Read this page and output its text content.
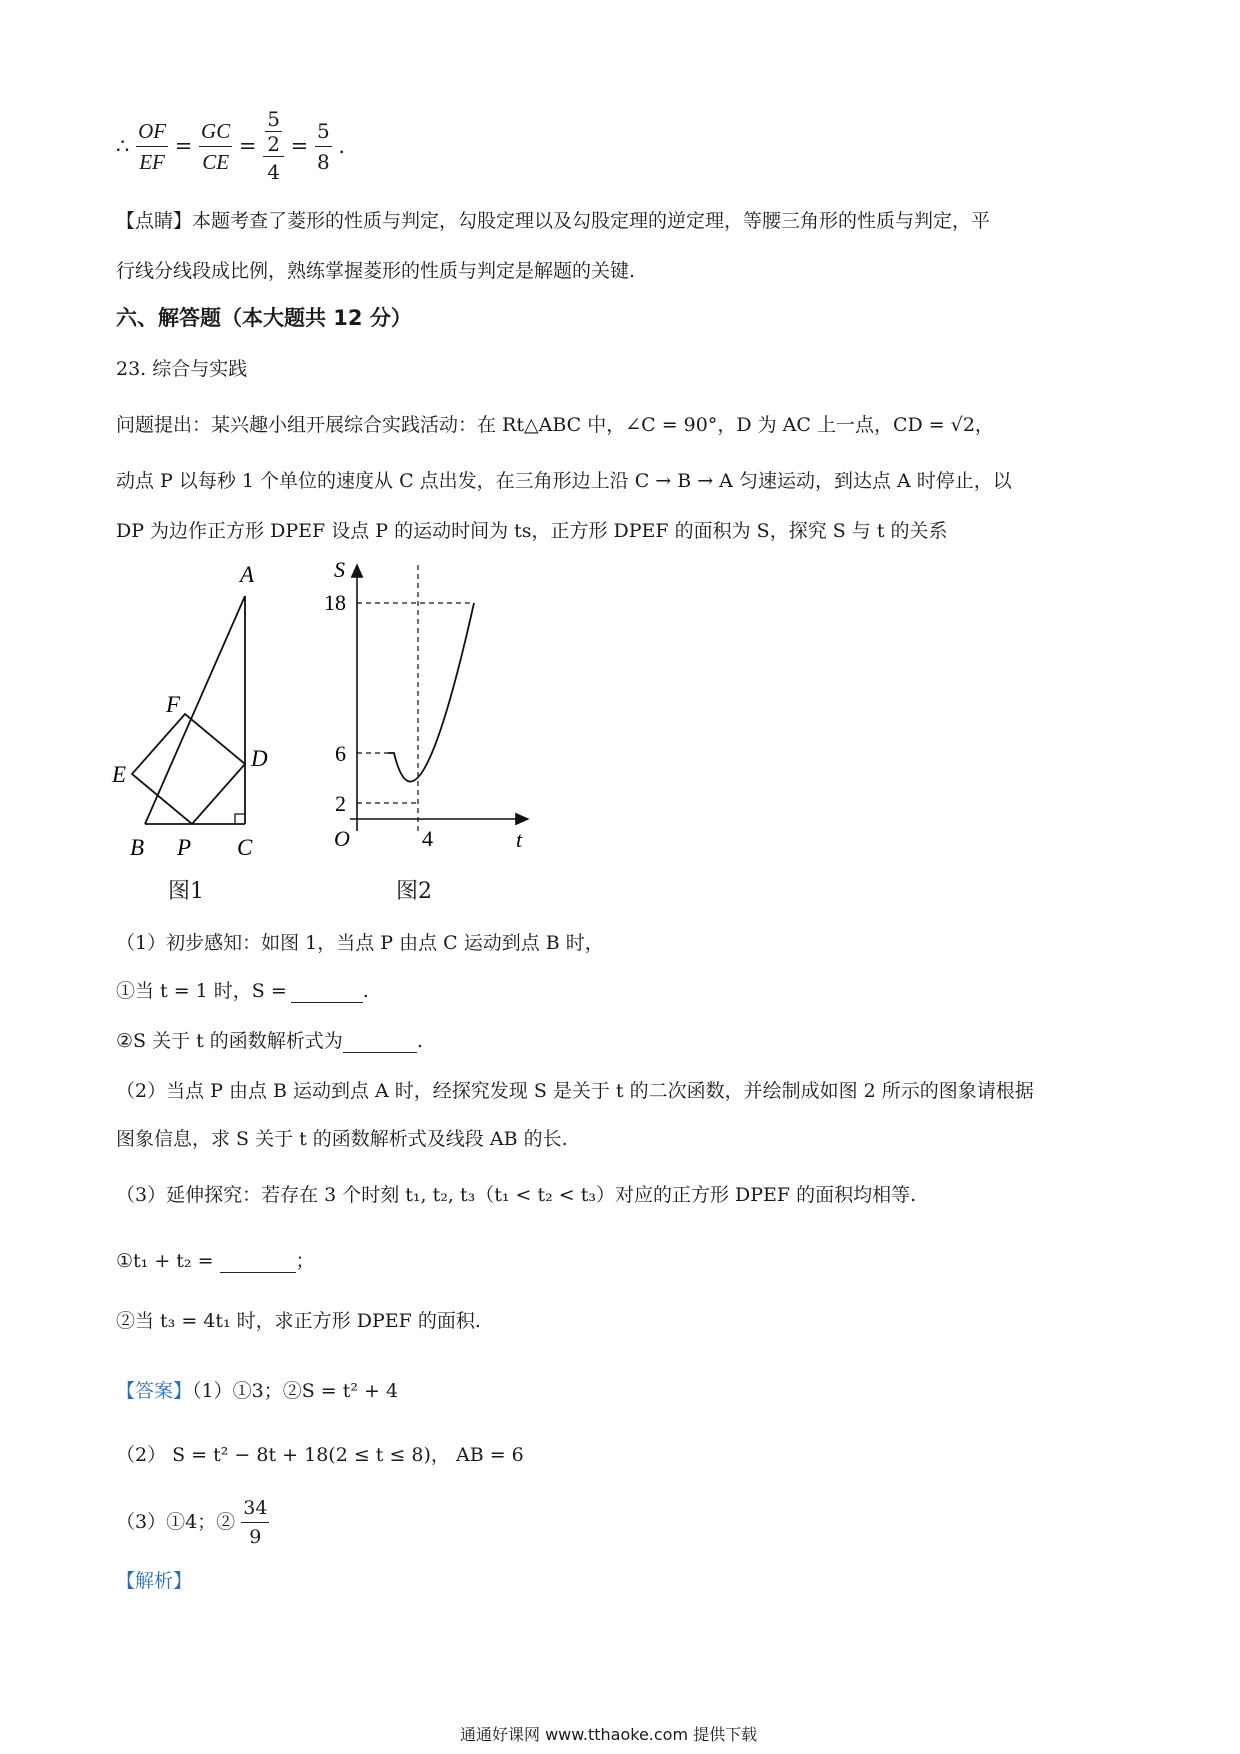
∴ $\frac{OF}{EF} = \frac{GC}{CE} = \frac{\frac{5}{2}}{4} = \frac{5}{8}$ .
【点睛】本题考查了菱形的性质与判定，勾股定理以及勾股定理的逆定理，等腰三角形的性质与判定，平
行线分线段成比例，熟练掌握菱形的性质与判定是解题的关键.
六、解答题（本大题共 12 分）
23. 综合与实践
问题提出：某兴趣小组开展综合实践活动：在 Rt△ABC 中，∠C = 90°，D 为 AC 上一点，CD = √2，
动点 P 以每秒 1 个单位的速度从 C 点出发，在三角形边上沿 C → B → A 匀速运动，到达点 A 时停止，以
DP 为边作正方形 DPEF 设点 P 的运动时间为 ts，正方形 DPEF 的面积为 S，探究 S 与 t 的关系
A
F
E
D
B P C
图1
S
18
6
2
O	4	t
图2
（1）初步感知：如图 1，当点 P 由点 C 运动到点 B 时，
①当 t = 1 时，S =	.
②S 关于 t 的函数解析式为	.
（2）当点 P 由点 B 运动到点 A 时，经探究发现 S 是关于 t 的二次函数，并绘制成如图 2 所示的图象请根据
图象信息，求 S 关于 t 的函数解析式及线段 AB 的长.
（3）延伸探究：若存在 3 个时刻 t₁, t₂, t₃（t₁ < t₂ < t₃）对应的正方形 DPEF 的面积均相等.
①t₁ + t₂ =	；
②当 t₃ = 4t₁ 时，求正方形 DPEF 的面积.
【答案】（1）①3；②S = t² + 4
（2） S = t² − 8t + 18(2 ≤ t ≤ 8)， AB = 6
（3）①4；② $\frac{34}{9}$
【解析】
通通好课网 www.tthaoke.com 提供下载
